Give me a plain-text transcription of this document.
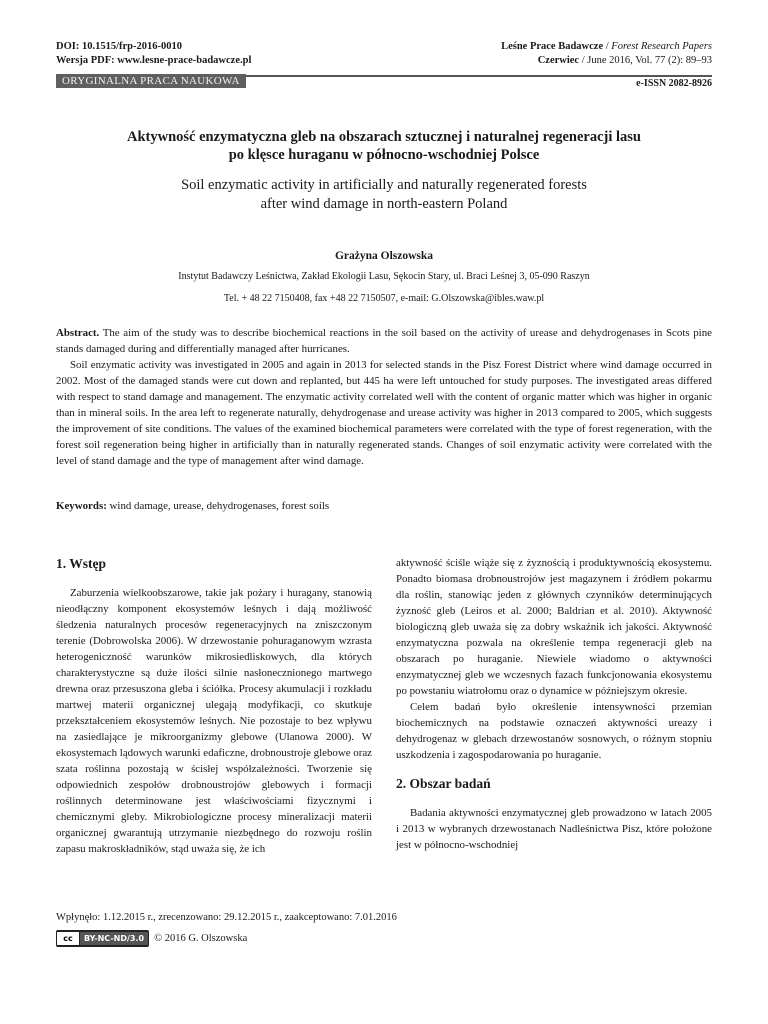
DOI: 10.1515/frp-2016-0010
Wersja PDF: www.lesne-prace-badawcze.pl
Leśne Prace Badawcze / Forest Research Papers
Czerwiec / June 2016, Vol. 77 (2): 89–93
ORYGINALNA PRACA NAUKOWA	e-ISSN 2082-8926
Aktywność enzymatyczna gleb na obszarach sztucznej i naturalnej regeneracji lasu
po klęsce huraganu w północno-wschodniej Polsce
Soil enzymatic activity in artificially and naturally regenerated forests
after wind damage in north-eastern Poland
Grażyna Olszowska
Instytut Badawczy Leśnictwa, Zakład Ekologii Lasu, Sękocin Stary, ul. Braci Leśnej 3, 05-090 Raszyn
Tel. + 48 22 7150408, fax +48 22 7150507, e-mail: G.Olszowska@ibles.waw.pl

Abstract. The aim of the study was to describe biochemical reactions in the soil based on the activity of urease and dehydrogenases in Scots pine stands damaged during and differentially managed after hurricanes.

Soil enzymatic activity was investigated in 2005 and again in 2013 for selected stands in the Pisz Forest District where wind damage occurred in 2002. Most of the damaged stands were cut down and replanted, but 445 ha were left untouched for study purposes. The investigated areas differed with respect to stand damage and management. The enzymatic activity correlated well with the content of organic matter which was higher in organic than in mineral soils. In the area left to regenerate naturally, dehydrogenase and urease activity was higher in 2013 compared to 2005, which suggests the improvement of site conditions. The values of the examined biochemical parameters were correlated with the type of forest regeneration, with the forest soil regeneration being higher in artificially than in naturally regenerated stands. Changes of soil enzymatic activity were correlated with the level of stand damage and the type of management after wind damage.

Keywords: wind damage, urease, dehydrogenases, forest soils
1. Wstęp

Zaburzenia wielkoobszarowe, takie jak pożary i huragany, stanowią nieodłączny komponent ekosystemów leśnych i dają możliwość śledzenia naturalnych procesów regeneracyjnych na zniszczonym terenie (Dobrowolska 2006). W drzewostanie pohuraganowym wzrasta heterogeniczność warunków mikrosiedliskowych, dla których charakterystyczne są duże ilości silnie nasłonecznionego martwego drewna oraz przesuszona gleba i ściółka. Procesy akumulacji i rozkładu martwej materii organicznej ulegają modyfikacji, co skutkuje przekształceniem ekosystemów leśnych. Nie pozostaje to bez wpływu na zasiedlające je mikroorganizmy glebowe (Ulanowa 2000). W ekosystemach lądowych warunki edaficzne, drobnoustroje glebowe oraz szata roślinna pozostają w ścisłej współzależności. Tworzenie się odpowiednich zespołów drobnoustrojów glebowych i formacji roślinnych determinowane jest właściwościami fizycznymi i chemicznymi gleby. Mikrobiologiczne procesy mineralizacji materii organicznej gwarantują utrzymanie niezbędnego do rozwoju roślin zapasu makroskładników, stąd uważa się, że ich

aktywność ściśle wiąże się z żyznością i produktywnością ekosystemu. Ponadto biomasa drobnoustrojów jest magazynem i źródłem pokarmu dla roślin, stanowiąc jeden z głównych czynników determinujących żyzność gleb (Leiros et al. 2000; Baldrian et al. 2010). Aktywność biologiczną gleb uważa się za dobry wskaźnik ich jakości. Aktywność enzymatyczna pozwala na określenie tempa regeneracji gleb na obszarach po huraganie. Niewiele wiadomo o aktywności enzymatycznej gleb we wczesnych fazach funkcjonowania ekosystemu po powstaniu wiatrołomu oraz o dynamice w późniejszym okresie.

Celem badań było określenie intensywności przemian biochemicznych na podstawie oznaczeń aktywności ureazy i dehydrogenaz w glebach drzewostanów sosnowych, o różnym stopniu uszkodzenia i zagospodarowania po huraganie.

2. Obszar badań

Badania aktywności enzymatycznej gleb prowadzono w latach 2005 i 2013 w wybranych drzewostanach Nadleśnictwa Pisz, które położone jest w północno-wschodniej

Wpłynęło: 1.12.2015 r., zrecenzowano: 29.12.2015 r., zaakceptowano: 7.01.2016
cc	BY-NC-ND/3.0 © 2016 G. Olszowska
